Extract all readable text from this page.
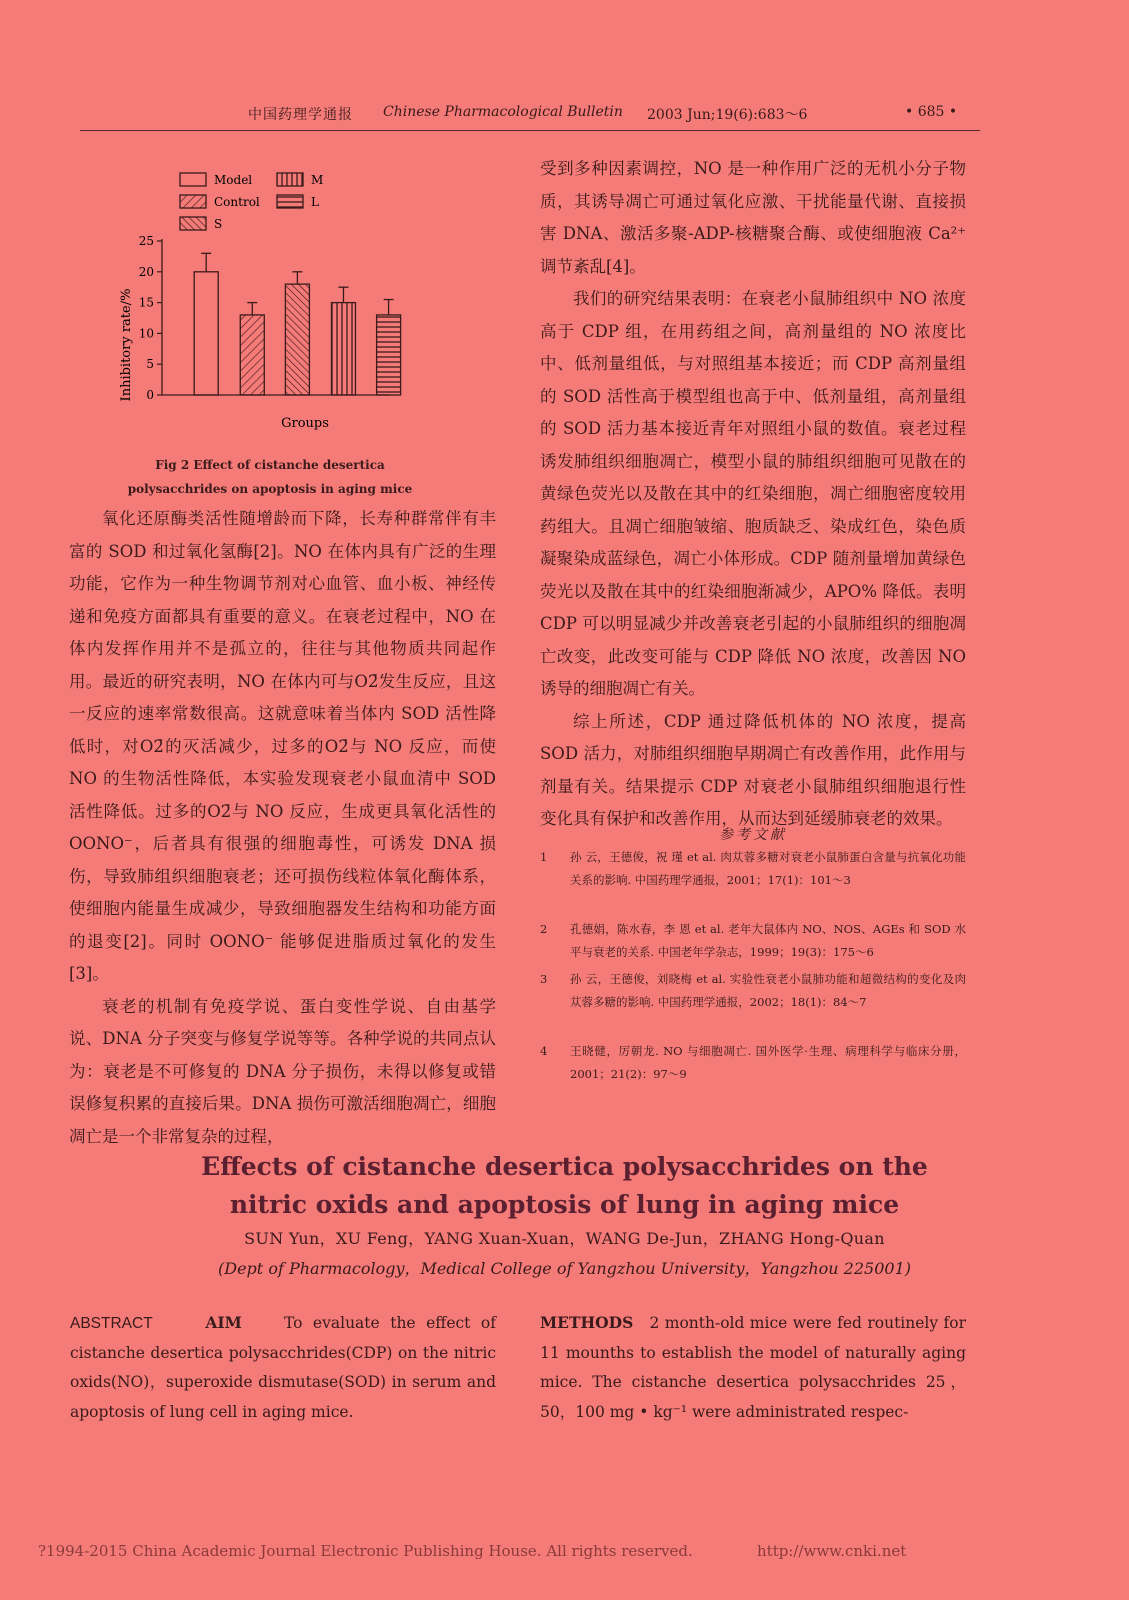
中国药理学通报 Chinese Pharmacological Bulletin 2003 Jun;19(6):683～6	• 685 •
Model
Control
S
M
L
0
5
10
15
20
25
Inhibitory rate/%
Groups
Fig 2 Effect of cistanche desertica
polysacchrides on apoptosis in aging mice

氧化还原酶类活性随增龄而下降，长寿种群常伴有丰富的 SOD 和过氧化氢酶[2]。NO 在体内具有广泛的生理功能，它作为一种生物调节剂对心血管、血小板、神经传递和免疫方面都具有重要的意义。在衰老过程中，NO 在体内发挥作用并不是孤立的，往往与其他物质共同起作用。最近的研究表明，NO 在体内可与O2̄发生反应，且这一反应的速率常数很高。这就意味着当体内 SOD 活性降低时，对O2̄的灭活减少，过多的O2̄与 NO 反应，而使 NO 的生物活性降低，本实验发现衰老小鼠血清中 SOD 活性降低。过多的O2̄与 NO 反应，生成更具氧化活性的 OONO⁻，后者具有很强的细胞毒性，可诱发 DNA 损伤，导致肺组织细胞衰老；还可损伤线粒体氧化酶体系，使细胞内能量生成减少，导致细胞器发生结构和功能方面的退变[2]。同时 OONO⁻ 能够促进脂质过氧化的发生[3]。

衰老的机制有免疫学说、蛋白变性学说、自由基学说、DNA 分子突变与修复学说等等。各种学说的共同点认为：衰老是不可修复的 DNA 分子损伤，未得以修复或错误修复积累的直接后果。DNA 损伤可激活细胞凋亡，细胞凋亡是一个非常复杂的过程，

受到多种因素调控，NO 是一种作用广泛的无机小分子物质，其诱导凋亡可通过氧化应激、干扰能量代谢、直接损害 DNA、激活多聚-ADP-核糖聚合酶、或使细胞液 Ca²⁺ 调节紊乱[4]。

我们的研究结果表明：在衰老小鼠肺组织中 NO 浓度高于 CDP 组，在用药组之间，高剂量组的 NO 浓度比中、低剂量组低，与对照组基本接近；而 CDP 高剂量组的 SOD 活性高于模型组也高于中、低剂量组，高剂量组的 SOD 活力基本接近青年对照组小鼠的数值。衰老过程诱发肺组织细胞凋亡，模型小鼠的肺组织细胞可见散在的黄绿色荧光以及散在其中的红染细胞，凋亡细胞密度较用药组大。且凋亡细胞皱缩、胞质缺乏、染成红色，染色质凝聚染成蓝绿色，凋亡小体形成。CDP 随剂量增加黄绿色荧光以及散在其中的红染细胞渐减少，APO% 降低。表明 CDP 可以明显减少并改善衰老引起的小鼠肺组织的细胞凋亡改变，此改变可能与 CDP 降低 NO 浓度，改善因 NO 诱导的细胞凋亡有关。

综上所述，CDP 通过降低机体的 NO 浓度，提高 SOD 活力，对肺组织细胞早期凋亡有改善作用，此作用与剂量有关。结果提示 CDP 对衰老小鼠肺组织细胞退行性变化具有保护和改善作用，从而达到延缓肺衰老的效果。

参考文献
1 孙 云，王德俊，祝 瑾 et al. 肉苁蓉多糖对衰老小鼠肺蛋白含量与抗氧化功能关系的影响. 中国药理学通报，2001；17(1)：101～3
2 孔德娟，陈水春，李 恩 et al. 老年大鼠体内 NO、NOS、AGEs 和 SOD 水平与衰老的关系. 中国老年学杂志，1999；19(3)：175～6
3 孙 云，王德俊，刘晓梅 et al. 实验性衰老小鼠肺功能和超微结构的变化及肉苁蓉多糖的影响. 中国药理学通报，2002；18(1)：84～7
4 王晓健，厉朝龙. NO 与细胞凋亡. 国外医学·生理、病理科学与临床分册，2001；21(2)：97～9
Effects of cistanche desertica polysacchrides on the
nitric oxids and apoptosis of lung in aging mice
SUN Yun，XU Feng，YANG Xuan-Xuan，WANG De-Jun，ZHANG Hong-Quan
(Dept of Pharmacology，Medical College of Yangzhou University，Yangzhou 225001)
ABSTRACT	AIM	To evaluate the effect of cistanche desertica polysacchrides(CDP) on the nitric oxids(NO)，superoxide dismutase(SOD) in serum and apoptosis of lung cell in aging mice.
METHODS 2 month-old mice were fed routinely for 11 mounths to establish the model of naturally aging mice. The cistanche desertica polysacchrides 25，50，100 mg • kg⁻¹ were administrated respec-
?1994-2015 China Academic Journal Electronic Publishing House. All rights reserved.	http://www.cnki.net
